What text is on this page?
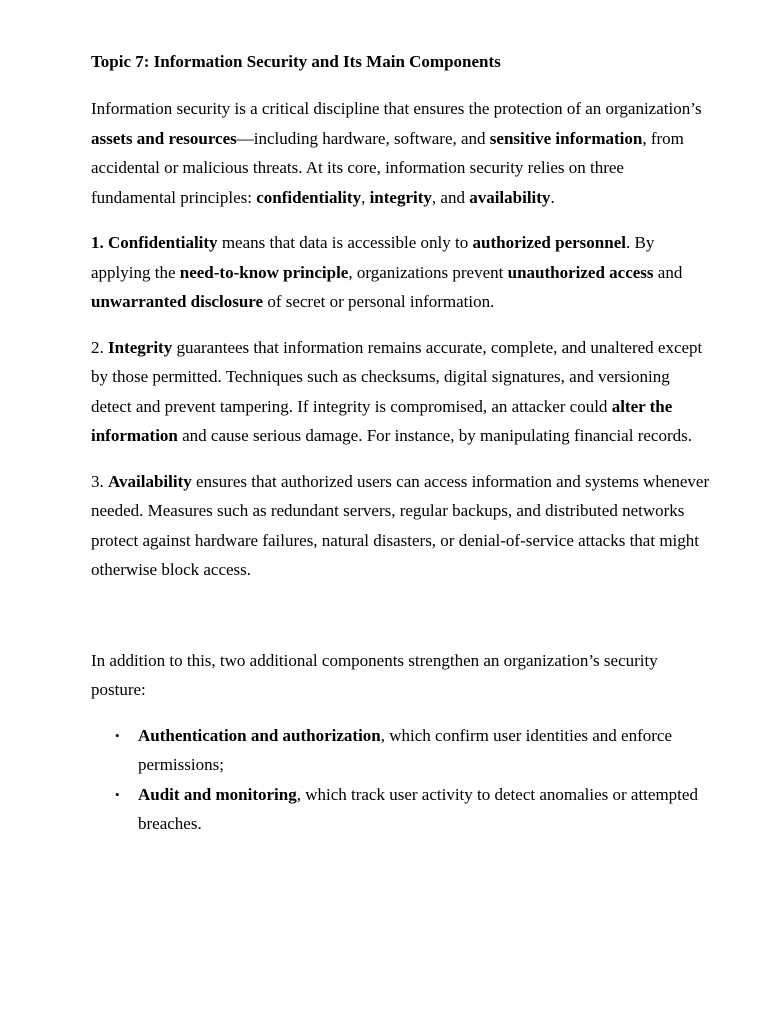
Topic 7: Information Security and Its Main Components

Information security is a critical discipline that ensures the protection of an organization’s assets and resources—including hardware, software, and sensitive information, from accidental or malicious threats. At its core, information security relies on three fundamental principles: confidentiality, integrity, and availability.

1. Confidentiality means that data is accessible only to authorized personnel. By applying the need-to-know principle, organizations prevent unauthorized access and unwarranted disclosure of secret or personal information.

2. Integrity guarantees that information remains accurate, complete, and unaltered except by those permitted. Techniques such as checksums, digital signatures, and versioning detect and prevent tampering. If integrity is compromised, an attacker could alter the information and cause serious damage. For instance, by manipulating financial records.

3. Availability ensures that authorized users can access information and systems whenever needed. Measures such as redundant servers, regular backups, and distributed networks protect against hardware failures, natural disasters, or denial-of-service attacks that might otherwise block access.

In addition to this, two additional components strengthen an organization’s security posture:

• Authentication and authorization, which confirm user identities and enforce permissions;
• Audit and monitoring, which track user activity to detect anomalies or attempted breaches.
